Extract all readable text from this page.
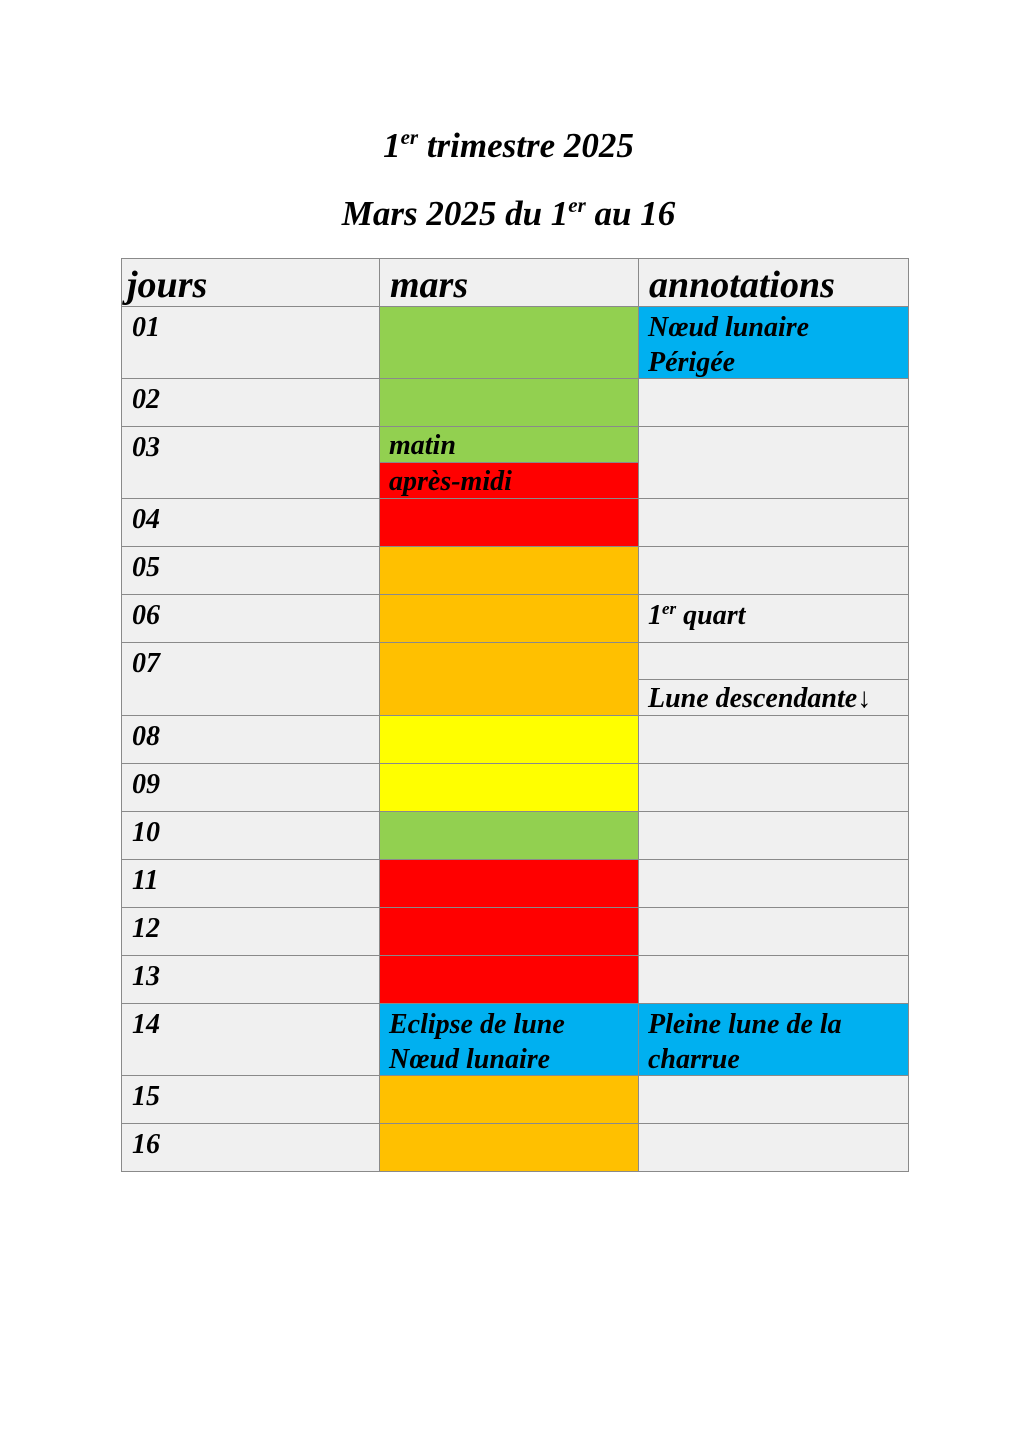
1er trimestre 2025
Mars 2025 du 1er au 16
jours	mars	annotations
01
02
03
04
05
06
07
08
09
10
11
12
13
14
15
16
matin
après-midi
Eclipse de lune
Nœud lunaire
Nœud lunaire
Périgée
1er quart
Lune descendante↓
Pleine lune de la
charrue
